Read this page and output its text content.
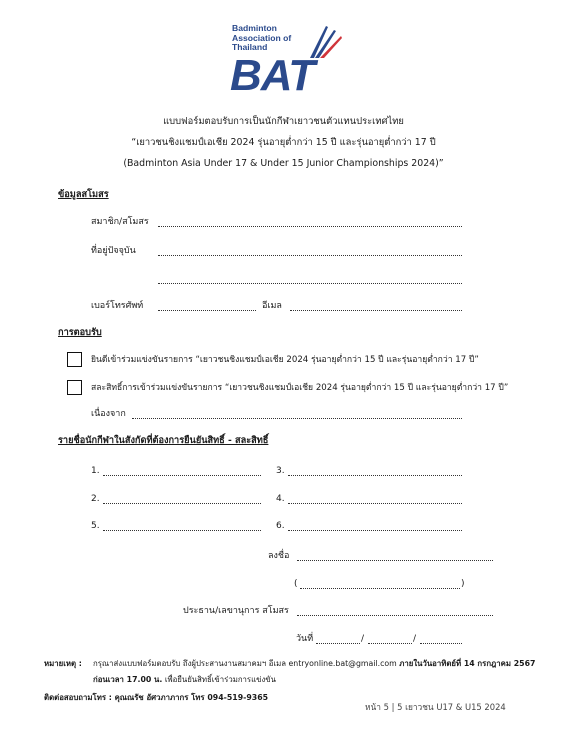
Badminton
Association of
Thailand
BAT
แบบฟอร์มตอบรับการเป็นนักกีฬาเยาวชนตัวแทนประเทศไทย
“เยาวชนชิงแชมป์เอเชีย 2024 รุ่นอายุต่ำกว่า 15 ปี และรุ่นอายุต่ำกว่า 17 ปี
(Badminton Asia Under 17 & Under 15 Junior Championships 2024)”
ข้อมูลสโมสร
สมาชิก/สโมสร
ที่อยู่ปัจจุบัน
เบอร์โทรศัพท์	อีเมล
การตอบรับ
ยินดีเข้าร่วมแข่งขันรายการ “เยาวชนชิงแชมป์เอเชีย 2024 รุ่นอายุต่ำกว่า 15 ปี และรุ่นอายุต่ำกว่า 17 ปี”
สละสิทธิ์การเข้าร่วมแข่งขันรายการ “เยาวชนชิงแชมป์เอเชีย 2024 รุ่นอายุต่ำกว่า 15 ปี และรุ่นอายุต่ำกว่า 17 ปี”
เนื่องจาก
รายชื่อนักกีฬาในสังกัดที่ต้องการยืนยันสิทธิ์ - สละสิทธิ์
1.	3.
2.	4.
5.	6.
ลงชื่อ
(	)
ประธาน/เลขานุการ สโมสร
วันที่	/	/
หมายเหตุ : กรุณาส่งแบบฟอร์มตอบรับ ถึงผู้ประสานงานสมาคมฯ อีเมล entryonline.bat@gmail.com ภายในวันอาทิตย์ที่ 14 กรกฎาคม 2567
ก่อนเวลา 17.00 น. เพื่อยืนยันสิทธิ์เข้าร่วมการแข่งขัน
ติดต่อสอบถามโทร : คุณณรัช อัศวภาภากร โทร 094-519-9365
หน้า 5 | 5 เยาวชน U17 & U15 2024
